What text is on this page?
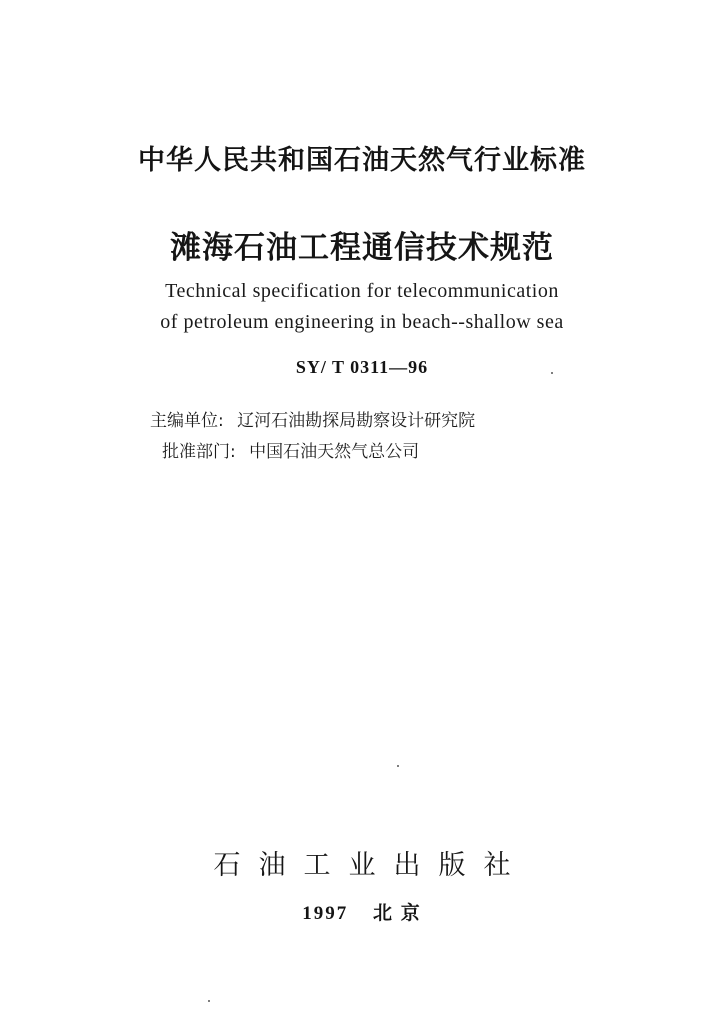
中华人民共和国石油天然气行业标准
滩海石油工程通信技术规范
Technical specification for telecommunication
of petroleum engineering in beach--shallow sea
SY/ T 0311—96
主编单位: 辽河石油勘探局勘察设计研究院
批准部门: 中国石油天然气总公司
石油工业出版社
1997 北 京
